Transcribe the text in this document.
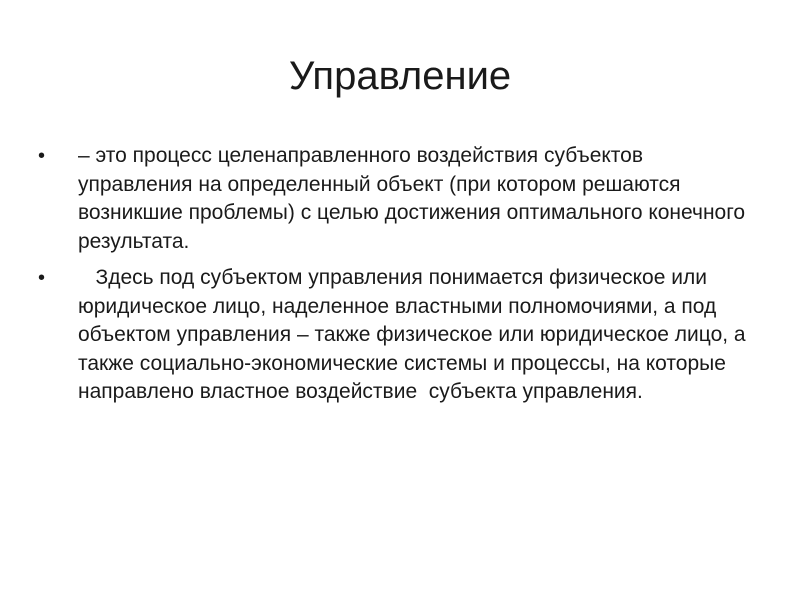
Управление
•	– это процесс целенаправленного воздействия субъектов управления на определенный объект (при котором решаются возникшие проблемы) с целью достижения оптимального конечного результата.
•	Здесь под субъектом управления понимается физическое или юридическое лицо, наделенное властными полномочиями, а под объектом управления – также физическое или юридическое лицо, а также социально-экономические системы и процессы, на которые направлено властное воздействие  субъекта управления.
